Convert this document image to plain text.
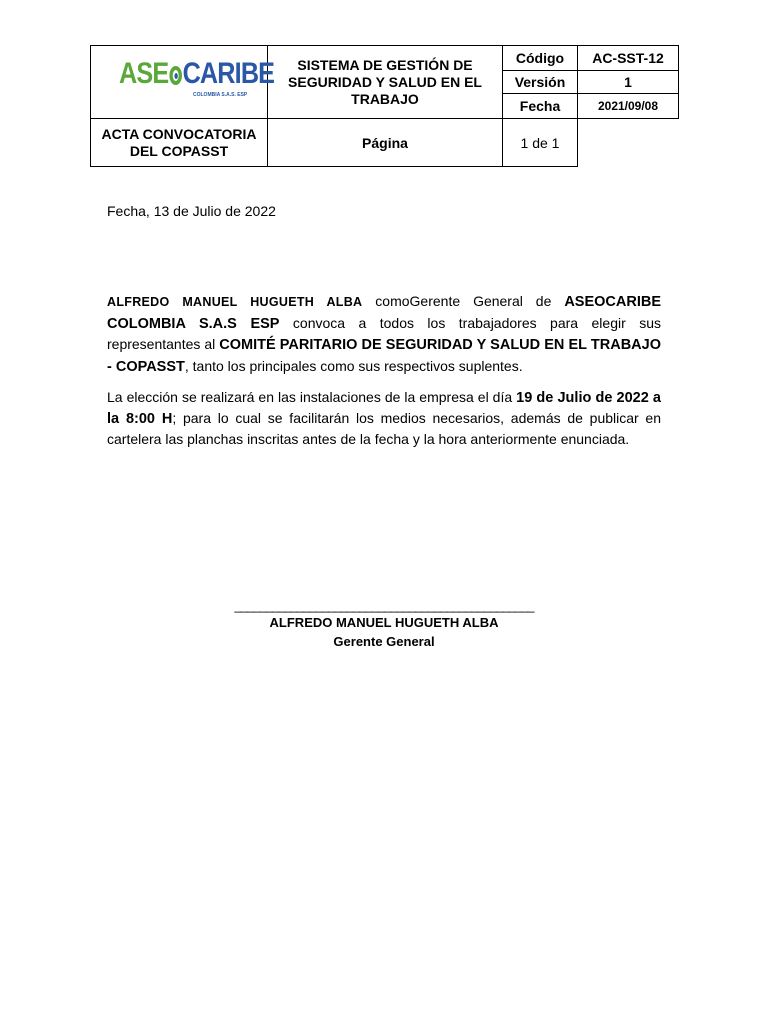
ASE CARIBE
COLOMBIA S.A.S. ESP	SISTEMA DE GESTIÓN DE SEGURIDAD Y SALUD EN EL TRABAJO	Código	AC-SST-12
		Versión	1
		Fecha	2021/09/08
ACTA CONVOCATORIA DEL COPASST	Página	1 de 1	
Fecha, 13 de Julio de 2022

ALFREDO MANUEL HUGUETH ALBA comoGerente General de ASEOCARIBE COLOMBIA S.A.S ESP convoca a todos los trabajadores para elegir sus representantes al COMITÉ PARITARIO DE SEGURIDAD Y SALUD EN EL TRABAJO - COPASST, tanto los principales como sus respectivos suplentes.

La elección se realizará en las instalaciones de la empresa el día 19 de Julio de 2022 a la 8:00 H; para lo cual se facilitarán los medios necesarios, además de publicar en cartelera las planchas inscritas antes de la fecha y la hora anteriormente enunciada.

________________________________________________
ALFREDO MANUEL HUGUETH ALBA
Gerente General
